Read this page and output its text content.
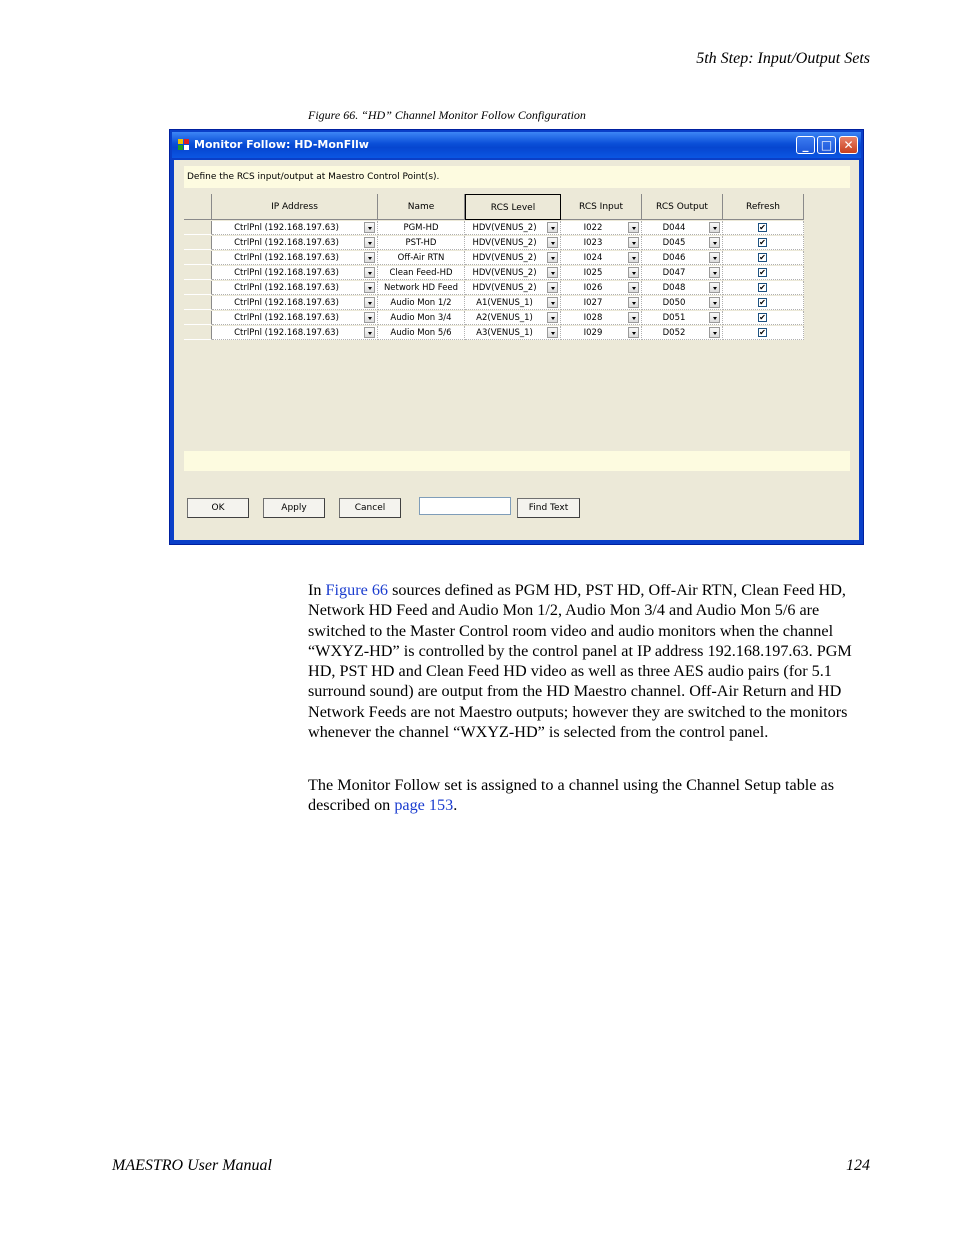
5th Step: Input/Output Sets
Figure 66. “HD” Channel Monitor Follow Configuration
Monitor Follow: HD-MonFllw	_	□ ✕
Define the RCS input/output at Maestro Control Point(s).
IP Address	Name	RCS Level	RCS Input	RCS Output	Refresh
CtrlPnl (192.168.197.63)	PGM-HD	HDV(VENUS_2)	I022	D044	✔
CtrlPnl (192.168.197.63)	PST-HD	HDV(VENUS_2)	I023	D045	✔
CtrlPnl (192.168.197.63)	Off-Air RTN	HDV(VENUS_2)	I024	D046	✔
CtrlPnl (192.168.197.63)	Clean Feed-HD	HDV(VENUS_2)	I025	D047	✔
CtrlPnl (192.168.197.63)	Network HD Feed	HDV(VENUS_2)	I026	D048	✔
CtrlPnl (192.168.197.63)	Audio Mon 1/2	A1(VENUS_1)	I027	D050	✔
CtrlPnl (192.168.197.63)	Audio Mon 3/4	A2(VENUS_1)	I028	D051	✔
CtrlPnl (192.168.197.63)	Audio Mon 5/6	A3(VENUS_1)	I029	D052	✔
OK	Apply	Cancel	Find Text

In Figure 66 sources defined as PGM HD, PST HD, Off-Air RTN, Clean Feed HD, Network HD Feed and Audio Mon 1/2, Audio Mon 3/4 and Audio Mon 5/6 are switched to the Master Control room video and audio monitors when the channel “WXYZ-HD” is controlled by the control panel at IP address 192.168.197.63. PGM HD, PST HD and Clean Feed HD video as well as three AES audio pairs (for 5.1 surround sound) are output from the HD Maestro channel. Off-Air Return and HD Network Feeds are not Maestro outputs; however they are switched to the monitors whenever the channel “WXYZ-HD” is selected from the control panel.

The Monitor Follow set is assigned to a channel using the Channel Setup table as described on page 153.

MAESTRO User Manual	124
